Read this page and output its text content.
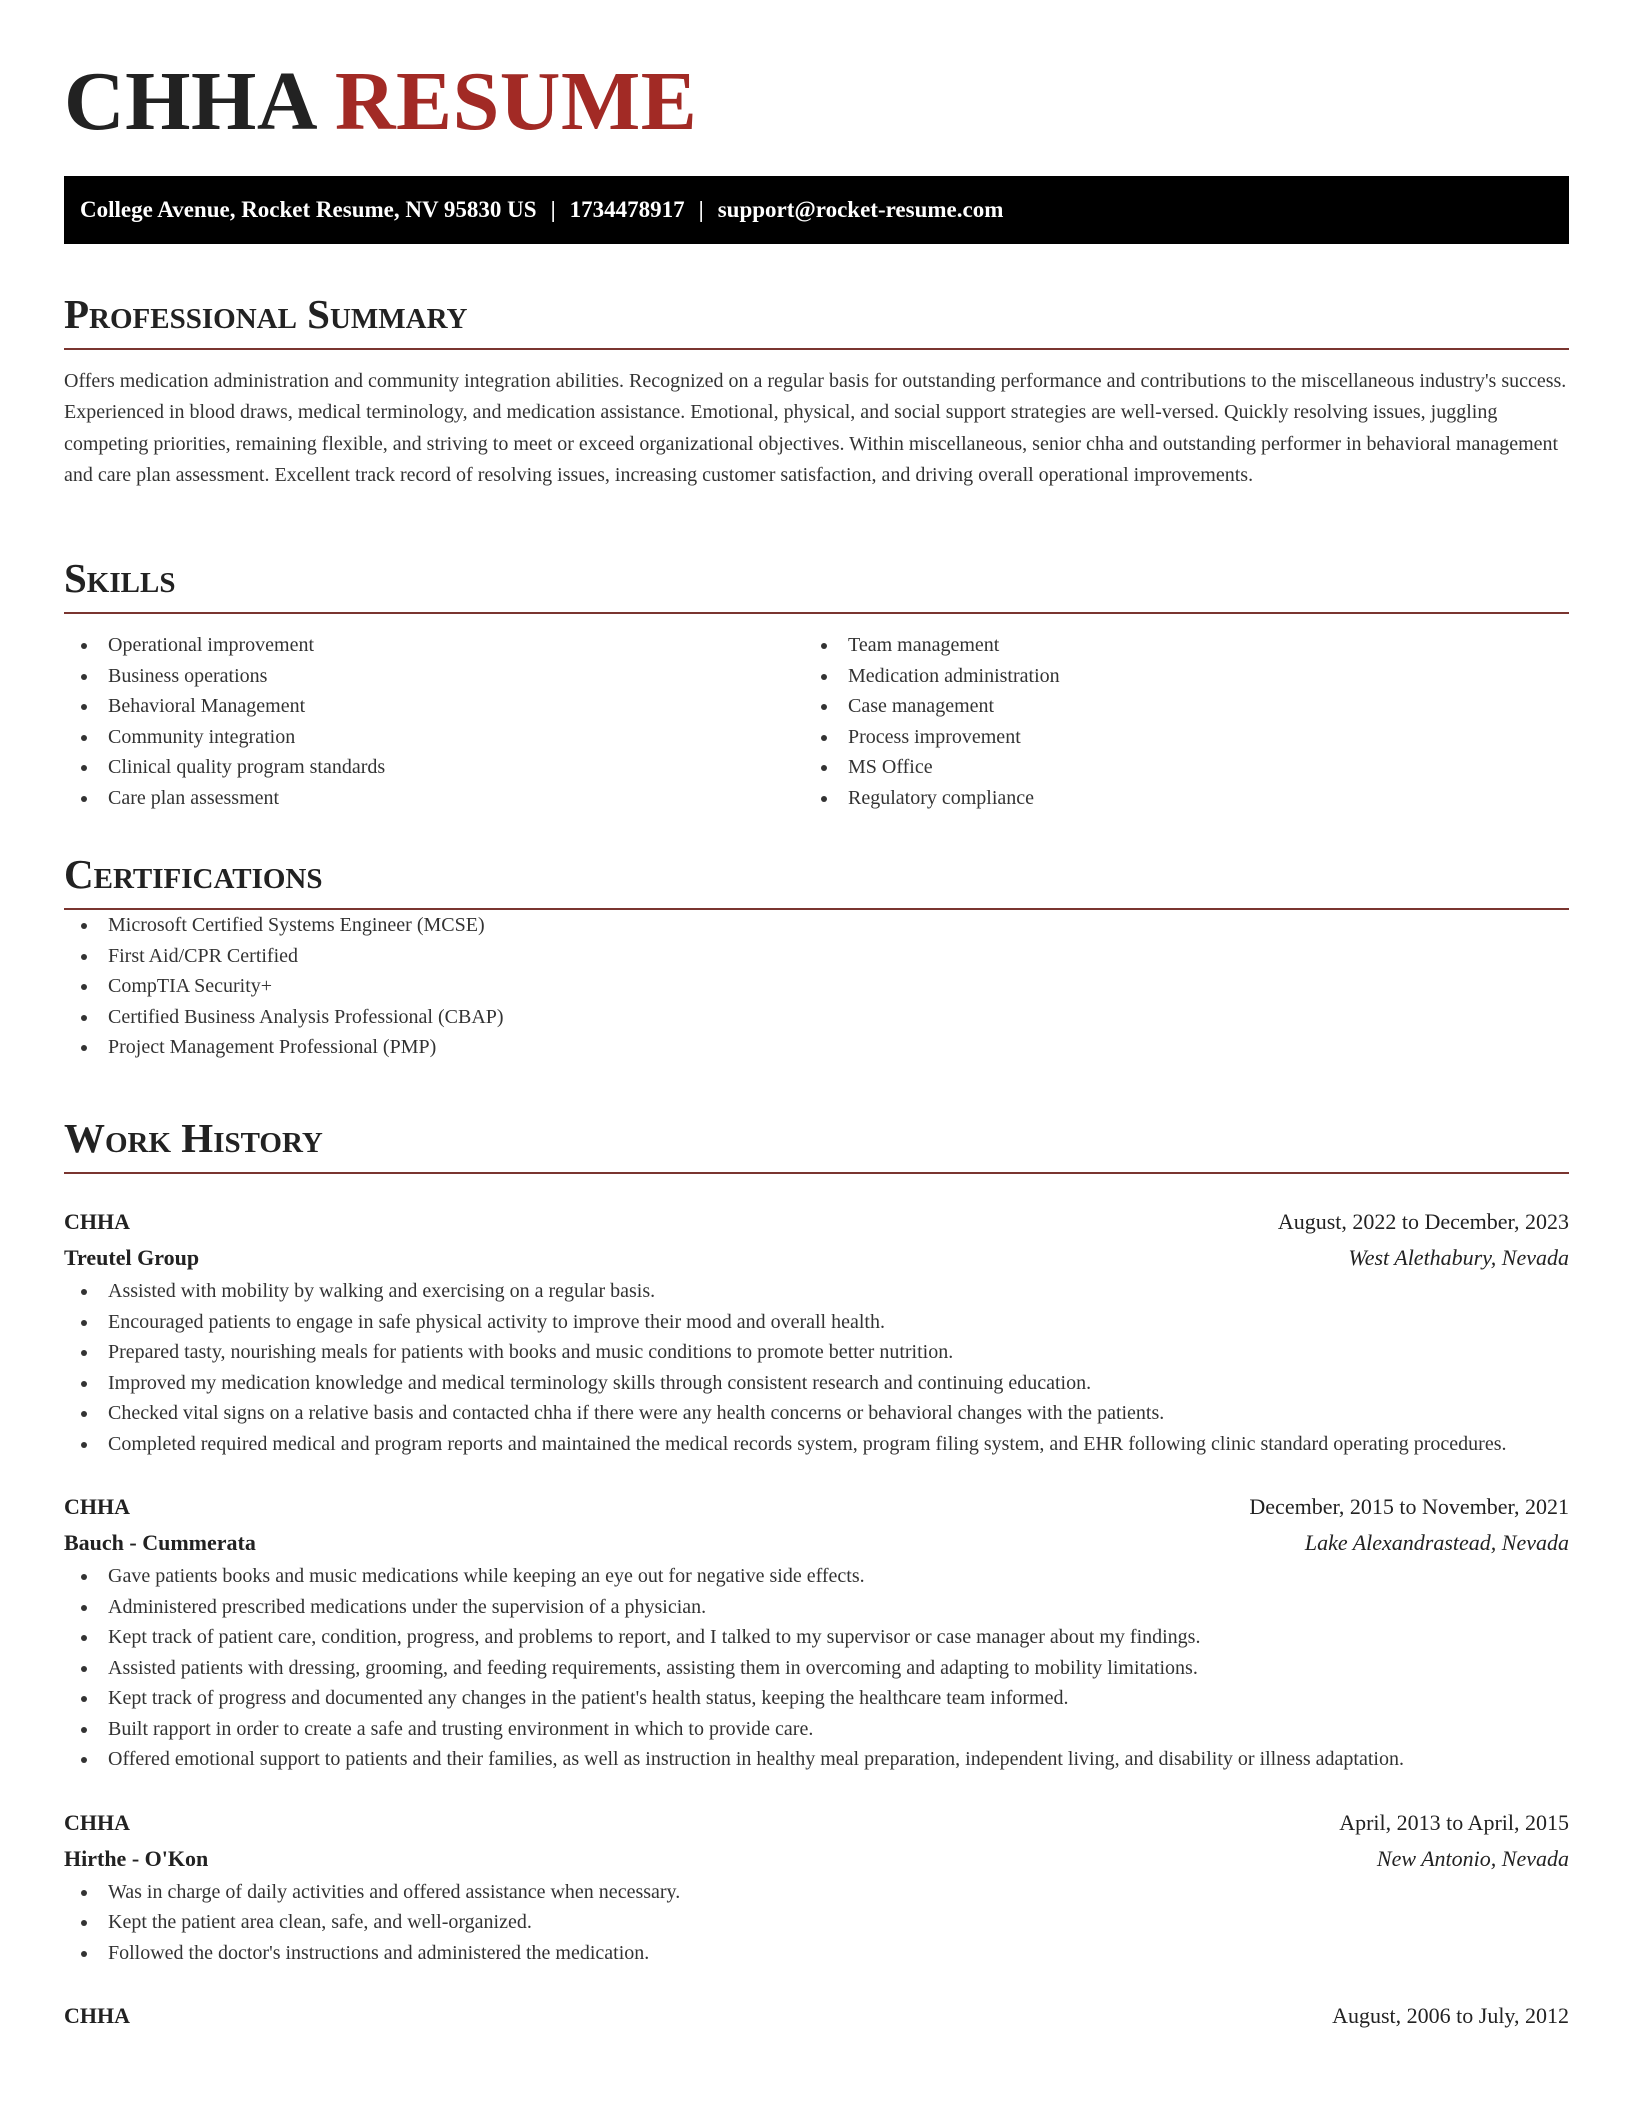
CHHA RESUME
College Avenue, Rocket Resume, NV 95830 US | 1734478917 | support@rocket-resume.com
Professional Summary

Offers medication administration and community integration abilities. Recognized on a regular basis for outstanding performance and contributions to the miscellaneous industry's success. Experienced in blood draws, medical terminology, and medication assistance. Emotional, physical, and social support strategies are well-versed. Quickly resolving issues, juggling competing priorities, remaining flexible, and striving to meet or exceed organizational objectives. Within miscellaneous, senior chha and outstanding performer in behavioral management and care plan assessment. Excellent track record of resolving issues, increasing customer satisfaction, and driving overall operational improvements.

Skills
Operational improvement
Business operations
Behavioral Management
Community integration
Clinical quality program standards
Care plan assessment
Team management
Medication administration
Case management
Process improvement
MS Office
Regulatory compliance
Certifications
Microsoft Certified Systems Engineer (MCSE)
First Aid/CPR Certified
CompTIA Security+
Certified Business Analysis Professional (CBAP)
Project Management Professional (PMP)
Work History
CHHA	August, 2022 to December, 2023
Treutel Group	West Alethabury, Nevada
Assisted with mobility by walking and exercising on a regular basis.
Encouraged patients to engage in safe physical activity to improve their mood and overall health.
Prepared tasty, nourishing meals for patients with books and music conditions to promote better nutrition.
Improved my medication knowledge and medical terminology skills through consistent research and continuing education.
Checked vital signs on a relative basis and contacted chha if there were any health concerns or behavioral changes with the patients.
Completed required medical and program reports and maintained the medical records system, program filing system, and EHR following clinic standard operating procedures.
CHHA	December, 2015 to November, 2021
Bauch - Cummerata	Lake Alexandrastead, Nevada
Gave patients books and music medications while keeping an eye out for negative side effects.
Administered prescribed medications under the supervision of a physician.
Kept track of patient care, condition, progress, and problems to report, and I talked to my supervisor or case manager about my findings.
Assisted patients with dressing, grooming, and feeding requirements, assisting them in overcoming and adapting to mobility limitations.
Kept track of progress and documented any changes in the patient's health status, keeping the healthcare team informed.
Built rapport in order to create a safe and trusting environment in which to provide care.
Offered emotional support to patients and their families, as well as instruction in healthy meal preparation, independent living, and disability or illness adaptation.
CHHA	April, 2013 to April, 2015
Hirthe - O'Kon	New Antonio, Nevada
Was in charge of daily activities and offered assistance when necessary.
Kept the patient area clean, safe, and well-organized.
Followed the doctor's instructions and administered the medication.
CHHA	August, 2006 to July, 2012
